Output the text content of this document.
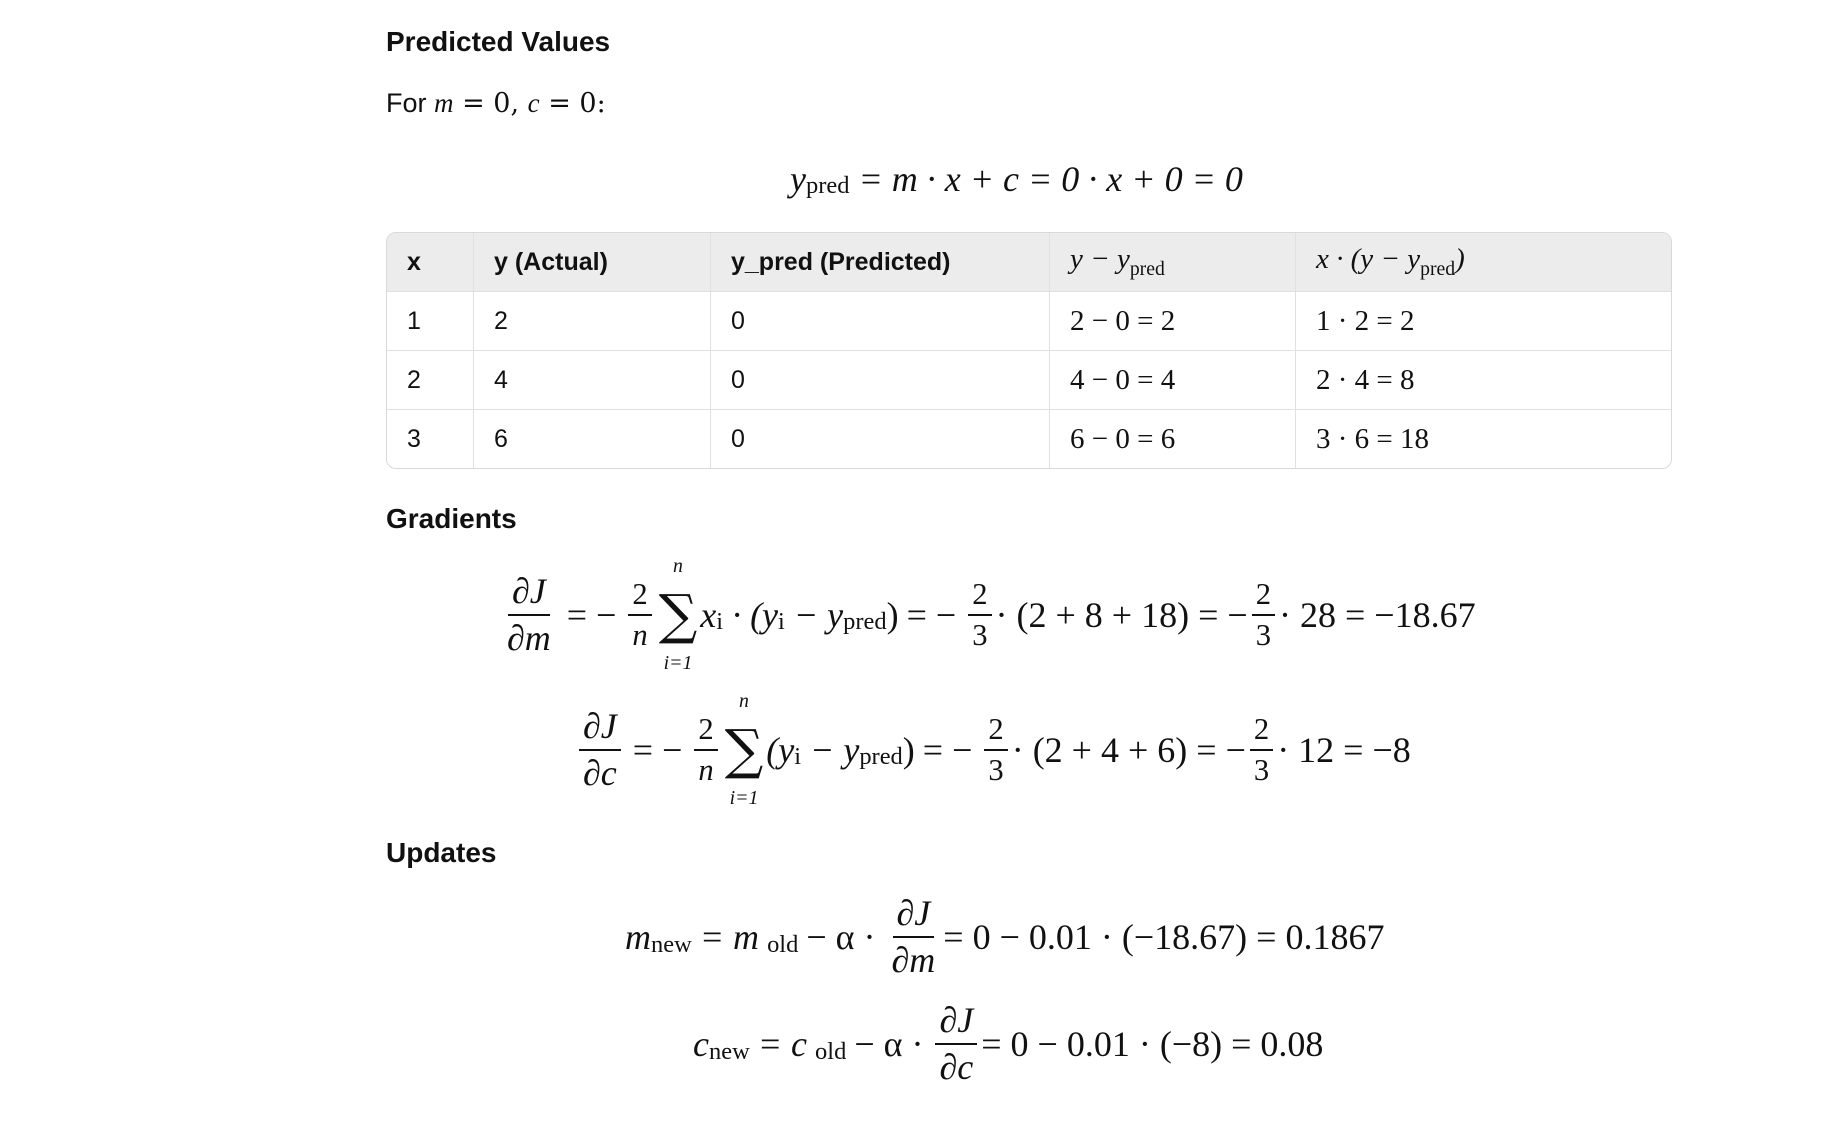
Predicted Values
For m = 0, c = 0:
y pred = m · x + c = 0 · x + 0 = 0
x	y (Actual)	y_pred (Predicted)	$y - y_{pred}$	$x \cdot (y - y_{pred})$
1	2	0	2 − 0 = 2	1 · 2 = 2
2	4	0	4 − 0 = 4	2 · 4 = 8
3	6	0	6 − 0 = 6	3 · 6 = 18
Gradients
$\frac{\partial J}{\partial m}$ = − $\frac{2}{n}$
n
∑
i=1
x i · (y i − y pred ) = − $\frac{2}{3} \cdot (2 + 8 + 18)$ = − $\frac{2}{3} \cdot 28 = -18.67$
$\frac{\partial J}{\partial c}$ = − $\frac{2}{n}$
n
∑
i=1
(y i − y pred ) = − $\frac{2}{3} \cdot (2 + 4 + 6)$ = − $\frac{2}{3} \cdot 12 = -8$
Updates
m new = m old − $\alpha \cdot \frac{\partial J}{\partial m} = 0 - 0.01 \cdot (-18.67) = 0.1867$
c new = c old − $\alpha \cdot \frac{\partial J}{\partial c} = 0 - 0.01 \cdot (-8) = 0.08$
